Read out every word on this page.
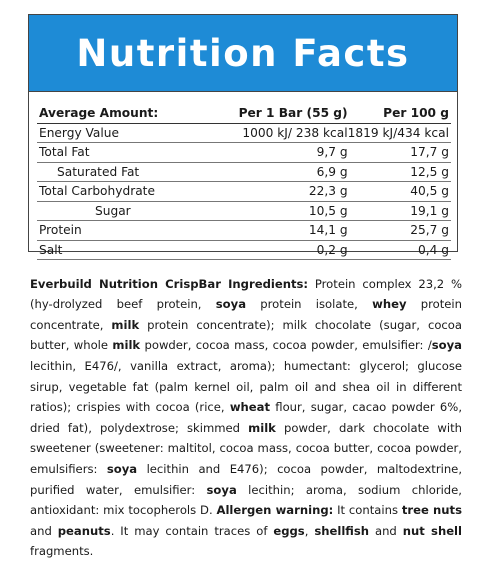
Nutrition Facts
Average Amount:	Per 1 Bar (55 g)	Per 100 g
Energy Value	1000 kJ/ 238 kcal	1819 kJ/434 kcal
Total Fat	9,7 g	17,7 g
Saturated Fat	6,9 g	12,5 g
Total Carbohydrate	22,3 g	40,5 g
Sugar	10,5 g	19,1 g
Protein	14,1 g	25,7 g
Salt	0,2 g	0,4 g

Everbuild Nutrition CrispBar Ingredients: Protein complex 23,2 % (hy-drolyzed beef protein, soya protein isolate, whey protein concentrate, milk protein concentrate); milk chocolate (sugar, cocoa butter, whole milk powder, cocoa mass, cocoa powder, emulsifier: /soya lecithin, E476/, vanilla extract, aroma); humectant: glycerol; glucose sirup, vegetable fat (palm kernel oil, palm oil and shea oil in different ratios); crispies with cocoa (rice, wheat flour, sugar, cacao powder 6%, dried fat), polydextrose; skimmed milk powder, dark chocolate with sweetener (sweetener: maltitol, cocoa mass, cocoa butter, cocoa powder, emulsifiers: soya lecithin and E476); cocoa powder, maltodextrine, purified water, emulsifier: soya lecithin; aroma, sodium chloride, antioxidant: mix tocopherols D. Allergen warning: It contains tree nuts and peanuts. It may contain traces of eggs, shellfish and nut shell fragments.
